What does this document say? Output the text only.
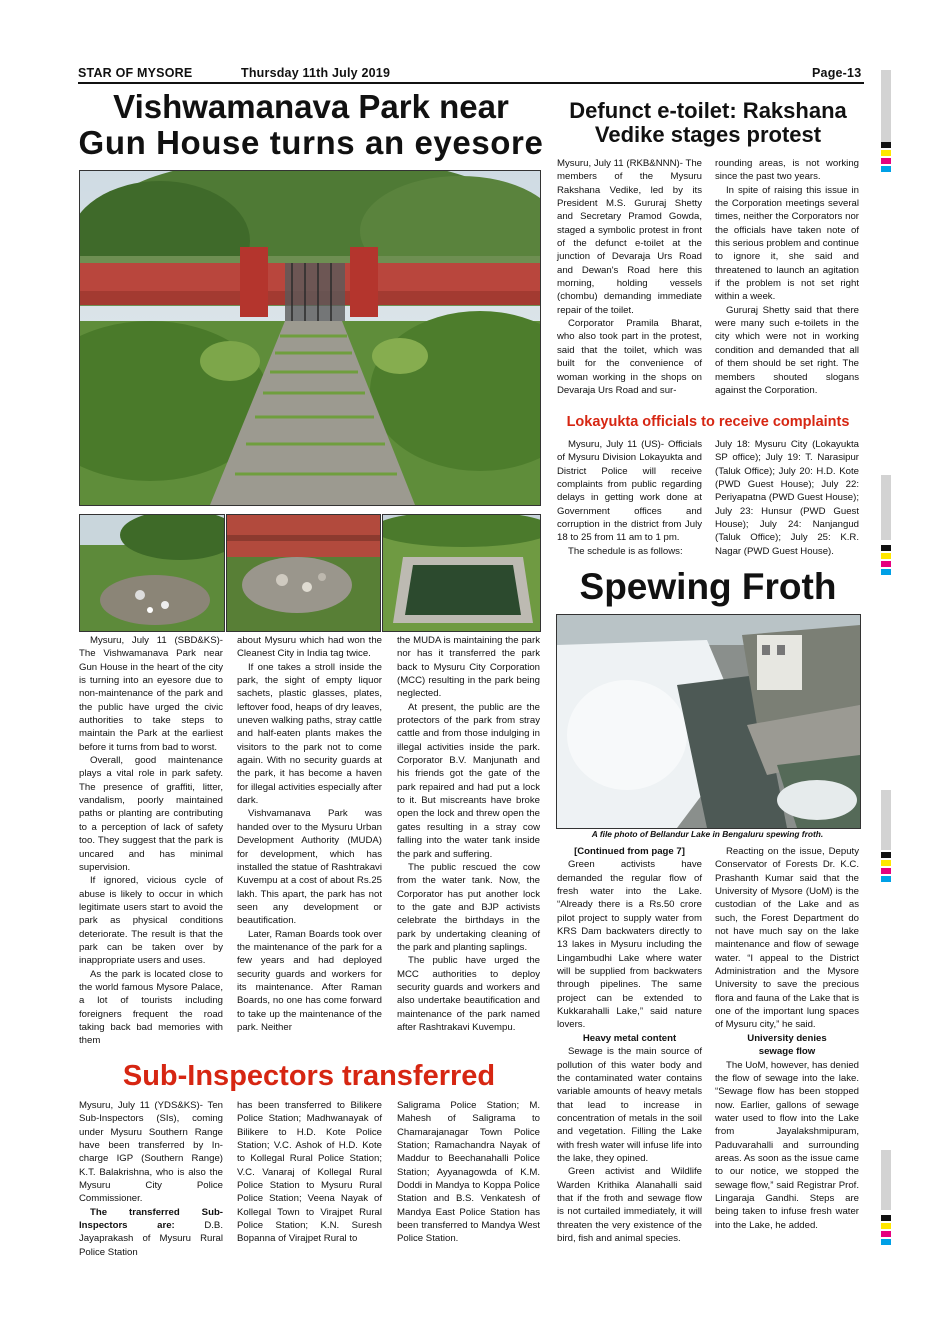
STAR OF MYSORE	Thursday 11th July 2019	Page-13
Vishwamanava Park near
Gun House turns an eyesore

Mysuru, July 11 (SBD&KS)- The Vishwamanava Park near Gun House in the heart of the city is turning into an eyesore due to non-maintenance of the park and the public have urged the civic authorities to take steps to maintain the Park at the earliest before it turns from bad to worst.

Overall, good maintenance plays a vital role in park safety. The presence of graffiti, litter, vandalism, poorly maintained paths or planting are contributing to a perception of lack of safety too. They suggest that the park is uncared and has minimal supervision.

If ignored, vicious cycle of abuse is likely to occur in which legitimate users start to avoid the park as physical conditions deteriorate. The result is that the park can be taken over by inappropriate users and uses.

As the park is located close to the world famous Mysore Palace, a lot of tourists including foreigners frequent the road taking back bad memories with them

about Mysuru which had won the Cleanest City in India tag twice.

If one takes a stroll inside the park, the sight of empty liquor sachets, plastic glasses, plates, leftover food, heaps of dry leaves, uneven walking paths, stray cattle and half-eaten plants makes the visitors to the park not to come again. With no security guards at the park, it has become a haven for illegal activities especially after dark.

Vishvamanava Park was handed over to the Mysuru Urban Development Authority (MUDA) for development, which has installed the statue of Rashtrakavi Kuvempu at a cost of about Rs.25 lakh. This apart, the park has not seen any development or beautification.

Later, Raman Boards took over the maintenance of the park for a few years and had deployed security guards and workers for its maintenance. After Raman Boards, no one has come forward to take up the maintenance of the park. Neither

the MUDA is maintaining the park nor has it transferred the park back to Mysuru City Corporation (MCC) resulting in the park being neglected.

At present, the public are the protectors of the park from stray cattle and from those indulging in illegal activities inside the park. Corporator B.V. Manjunath and his friends got the gate of the park repaired and had put a lock to it. But miscreants have broke open the lock and threw open the gates resulting in a stray cow falling into the water tank inside the park and suffering.

The public rescued the cow from the water tank. Now, the Corporator has put another lock to the gate and BJP activists celebrate the birthdays in the park by undertaking cleaning of the park and planting saplings.

The public have urged the MCC authorities to deploy security guards and workers and also undertake beautification and maintenance of the park named after Rashtrakavi Kuvempu.

Sub-Inspectors transferred

Mysuru, July 11 (YDS&KS)- Ten Sub-Inspectors (SIs), coming under Mysuru Southern Range have been transferred by In-charge IGP (Southern Range) K.T. Balakrishna, who is also the Mysuru City Police Commissioner.

The transferred Sub-Inspectors are: D.B. Jayaprakash of Mysuru Rural Police Station

has been transferred to Bilikere Police Station; Madhwanayak of Bilikere to H.D. Kote Police Station; V.C. Ashok of H.D. Kote to Kollegal Rural Police Station; V.C. Vanaraj of Kollegal Rural Police Station to Mysuru Rural Police Station; Veena Nayak of Kollegal Town to Virajpet Rural Police Station; K.N. Suresh Bopanna of Virajpet Rural to

Saligrama Police Station; M. Mahesh of Saligrama to Chamarajanagar Town Police Station; Ramachandra Nayak of Maddur to Beechanahalli Police Station; Ayyanagowda of K.M. Doddi in Mandya to Koppa Police Station and B.S. Venkatesh of Mandya East Police Station has been transferred to Mandya West Police Station.

Defunct e-toilet: Rakshana
Vedike stages protest

Mysuru, July 11 (RKB&NNN)- The members of the Mysuru Rakshana Vedike, led by its President M.S. Gururaj Shetty and Secretary Pramod Gowda, staged a symbolic protest in front of the defunct e-toilet at the junction of Devaraja Urs Road and Dewan's Road here this morning, holding vessels (chombu) demanding immediate repair of the toilet.

Corporator Pramila Bharat, who also took part in the protest, said that the toilet, which was built for the convenience of woman working in the shops on Devaraja Urs Road and sur-

rounding areas, is not working since the past two years.

In spite of raising this issue in the Corporation meetings several times, neither the Corporators nor the officials have taken note of this serious problem and continue to ignore it, she said and threatened to launch an agitation if the problem is not set right within a week.

Gururaj Shetty said that there were many such e-toilets in the city which were not in working condition and demanded that all of them should be set right. The members shouted slogans against the Corporation.

Lokayukta officials to receive complaints

Mysuru, July 11 (US)- Officials of Mysuru Division Lokayukta and District Police will receive complaints from public regarding delays in getting work done at Government offices and corruption in the district from July 18 to 25 from 11 am to 1 pm.

The schedule is as follows:

July 18: Mysuru City (Lokayukta SP office); July 19: T. Narasipur (Taluk Office); July 20: H.D. Kote (PWD Guest House); July 22: Periyapatna (PWD Guest House); July 23: Hunsur (PWD Guest House); July 24: Nanjangud (Taluk Office); July 25: K.R. Nagar (PWD Guest House).

Spewing Froth
A file photo of Bellandur Lake in Bengaluru spewing froth.

[Continued from page 7]

Green activists have demanded the regular flow of fresh water into the Lake. “Already there is a Rs.50 crore pilot project to supply water from KRS Dam backwaters directly to 13 lakes in Mysuru including the Lingambudhi Lake where water will be supplied from backwaters through pipelines. The same project can be extended to Kukkarahalli Lake,” said nature lovers.

Heavy metal content

Sewage is the main source of pollution of this water body and the contaminated water contains variable amounts of heavy metals that lead to increase in concentration of metals in the soil and vegetation. Filling the Lake with fresh water will infuse life into the lake, they opined.

Green activist and Wildlife Warden Krithika Alanahalli said that if the froth and sewage flow is not curtailed immediately, it will threaten the very existence of the bird, fish and animal species.

Reacting on the issue, Deputy Conservator of Forests Dr. K.C. Prashanth Kumar said that the University of Mysore (UoM) is the custodian of the Lake and as such, the Forest Department do not have much say on the lake maintenance and flow of sewage water. “I appeal to the District Administration and the Mysore University to save the precious flora and fauna of the Lake that is one of the important lung spaces of Mysuru city,” he said.

University denies sewage flow

The UoM, however, has denied the flow of sewage into the lake. “Sewage flow has been stopped now. Earlier, gallons of sewage water used to flow into the Lake from Jayalakshmipuram, Paduvarahalli and surrounding areas. As soon as the issue came to our notice, we stopped the sewage flow,” said Registrar Prof. Lingaraja Gandhi. Steps are being taken to infuse fresh water into the Lake, he added.
